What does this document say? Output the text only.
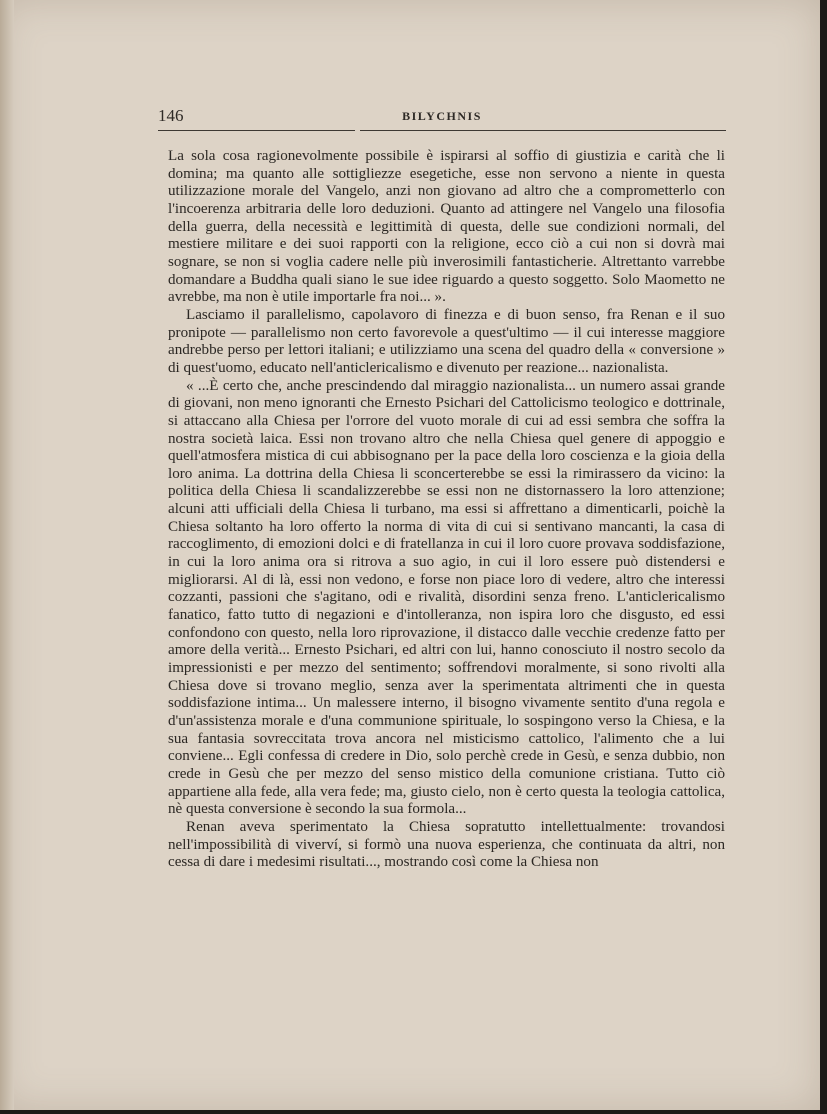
146	BILYCHNIS

La sola cosa ragionevolmente possibile è ispirarsi al soffio di giustizia e carità che li domina; ma quanto alle sottigliezze esegetiche, esse non servono a niente in questa utilizzazione morale del Vangelo, anzi non giovano ad altro che a comprometterlo con l'incoerenza arbitraria delle loro deduzioni. Quanto ad attingere nel Vangelo una filosofia della guerra, della necessità e legittimità di questa, delle sue condizioni normali, del mestiere militare e dei suoi rapporti con la religione, ecco ciò a cui non si dovrà mai sognare, se non si voglia cadere nelle più inverosimili fantasticherie. Altrettanto varrebbe domandare a Buddha quali siano le sue idee riguardo a questo soggetto. Solo Maometto ne avrebbe, ma non è utile importarle fra noi... ».

Lasciamo il parallelismo, capolavoro di finezza e di buon senso, fra Renan e il suo pronipote — parallelismo non certo favorevole a quest'ultimo — il cui interesse maggiore andrebbe perso per lettori italiani; e utilizziamo una scena del quadro della « conversione » di quest'uomo, educato nell'anticlericalismo e divenuto per reazione... nazionalista.

« ...È certo che, anche prescindendo dal miraggio nazionalista... un numero assai grande di giovani, non meno ignoranti che Ernesto Psichari del Cattolicismo teologico e dottrinale, si attaccano alla Chiesa per l'orrore del vuoto morale di cui ad essi sembra che soffra la nostra società laica. Essi non trovano altro che nella Chiesa quel genere di appoggio e quell'atmosfera mistica di cui abbisognano per la pace della loro coscienza e la gioia della loro anima. La dottrina della Chiesa li sconcerterebbe se essi la rimirassero da vicino: la politica della Chiesa li scandalizzerebbe se essi non ne distornassero la loro attenzione; alcuni atti ufficiali della Chiesa li turbano, ma essi si affrettano a dimenticarli, poichè la Chiesa soltanto ha loro offerto la norma di vita di cui si sentivano mancanti, la casa di raccoglimento, di emozioni dolci e di fratellanza in cui il loro cuore provava soddisfazione, in cui la loro anima ora si ritrova a suo agio, in cui il loro essere può distendersi e migliorarsi. Al di là, essi non vedono, e forse non piace loro di vedere, altro che interessi cozzanti, passioni che s'agitano, odi e rivalità, disordini senza freno. L'anticlericalismo fanatico, fatto tutto di negazioni e d'intolleranza, non ispira loro che disgusto, ed essi confondono con questo, nella loro riprovazione, il distacco dalle vecchie credenze fatto per amore della verità... Ernesto Psichari, ed altri con lui, hanno conosciuto il nostro secolo da impressionisti e per mezzo del sentimento; soffrendovi moralmente, si sono rivolti alla Chiesa dove si trovano meglio, senza aver la sperimentata altrimenti che in questa soddisfazione intima... Un malessere interno, il bisogno vivamente sentito d'una regola e d'un'assistenza morale e d'una communione spirituale, lo sospingono verso la Chiesa, e la sua fantasia sovreccitata trova ancora nel misticismo cattolico, l'alimento che a lui conviene... Egli confessa di credere in Dio, solo perchè crede in Gesù, e senza dubbio, non crede in Gesù che per mezzo del senso mistico della comunione cristiana. Tutto ciò appartiene alla fede, alla vera fede; ma, giusto cielo, non è certo questa la teologia cattolica, nè questa conversione è secondo la sua formola...

Renan aveva sperimentato la Chiesa sopratutto intellettualmente: trovandosi nell'impossibilità di viverví, si formò una nuova esperienza, che continuata da altri, non cessa di dare i medesimi risultati..., mostrando così come la Chiesa non
